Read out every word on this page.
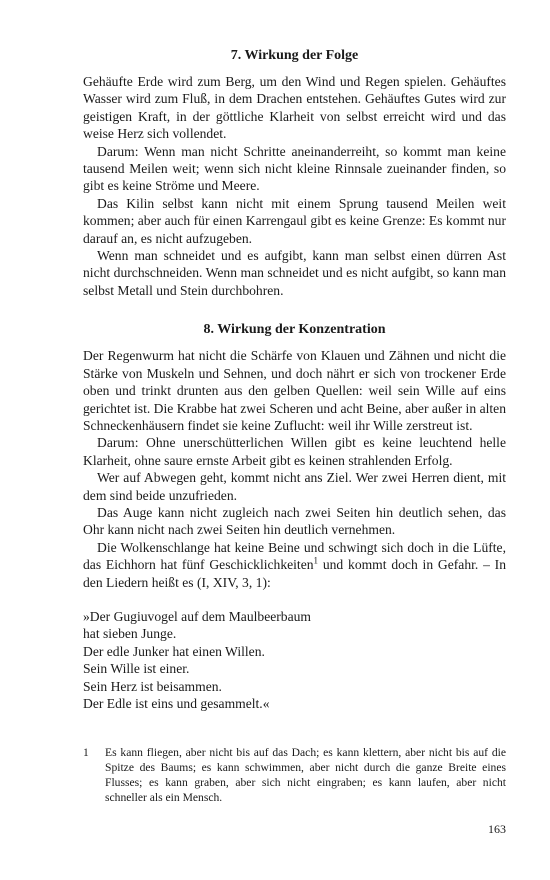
7. Wirkung der Folge

Gehäufte Erde wird zum Berg, um den Wind und Regen spielen. Gehäuftes Wasser wird zum Fluß, in dem Drachen entstehen. Gehäuftes Gutes wird zur geistigen Kraft, in der göttliche Klarheit von selbst erreicht wird und das weise Herz sich vollendet.

Darum: Wenn man nicht Schritte aneinanderreiht, so kommt man keine tausend Meilen weit; wenn sich nicht kleine Rinnsale zueinander finden, so gibt es keine Ströme und Meere.

Das Kilin selbst kann nicht mit einem Sprung tausend Meilen weit kommen; aber auch für einen Karrengaul gibt es keine Grenze: Es kommt nur darauf an, es nicht aufzugeben.

Wenn man schneidet und es aufgibt, kann man selbst einen dürren Ast nicht durchschneiden. Wenn man schneidet und es nicht aufgibt, so kann man selbst Metall und Stein durchbohren.

8. Wirkung der Konzentration

Der Regenwurm hat nicht die Schärfe von Klauen und Zähnen und nicht die Stärke von Muskeln und Sehnen, und doch nährt er sich von trockener Erde oben und trinkt drunten aus den gelben Quellen: weil sein Wille auf eins gerichtet ist. Die Krabbe hat zwei Scheren und acht Beine, aber außer in alten Schneckenhäusern findet sie keine Zuflucht: weil ihr Wille zerstreut ist.

Darum: Ohne unerschütterlichen Willen gibt es keine leuchtend helle Klarheit, ohne saure ernste Arbeit gibt es keinen strahlenden Erfolg.

Wer auf Abwegen geht, kommt nicht ans Ziel. Wer zwei Herren dient, mit dem sind beide unzufrieden.

Das Auge kann nicht zugleich nach zwei Seiten hin deutlich sehen, das Ohr kann nicht nach zwei Seiten hin deutlich vernehmen.

Die Wolkenschlange hat keine Beine und schwingt sich doch in die Lüfte, das Eichhorn hat fünf Geschicklichkeiten$^1$ und kommt doch in Gefahr. – In den Liedern heißt es (I, XIV, 3, 1):

»Der Gugiuvogel auf dem Maulbeerbaum
hat sieben Junge.
Der edle Junker hat einen Willen.
Sein Wille ist einer.
Sein Herz ist beisammen.
Der Edle ist eins und gesammelt.«
1	Es kann fliegen, aber nicht bis auf das Dach; es kann klettern, aber nicht bis auf die Spitze des Baums; es kann schwimmen, aber nicht durch die ganze Breite eines Flusses; es kann graben, aber sich nicht eingraben; es kann laufen, aber nicht schneller als ein Mensch.
163
